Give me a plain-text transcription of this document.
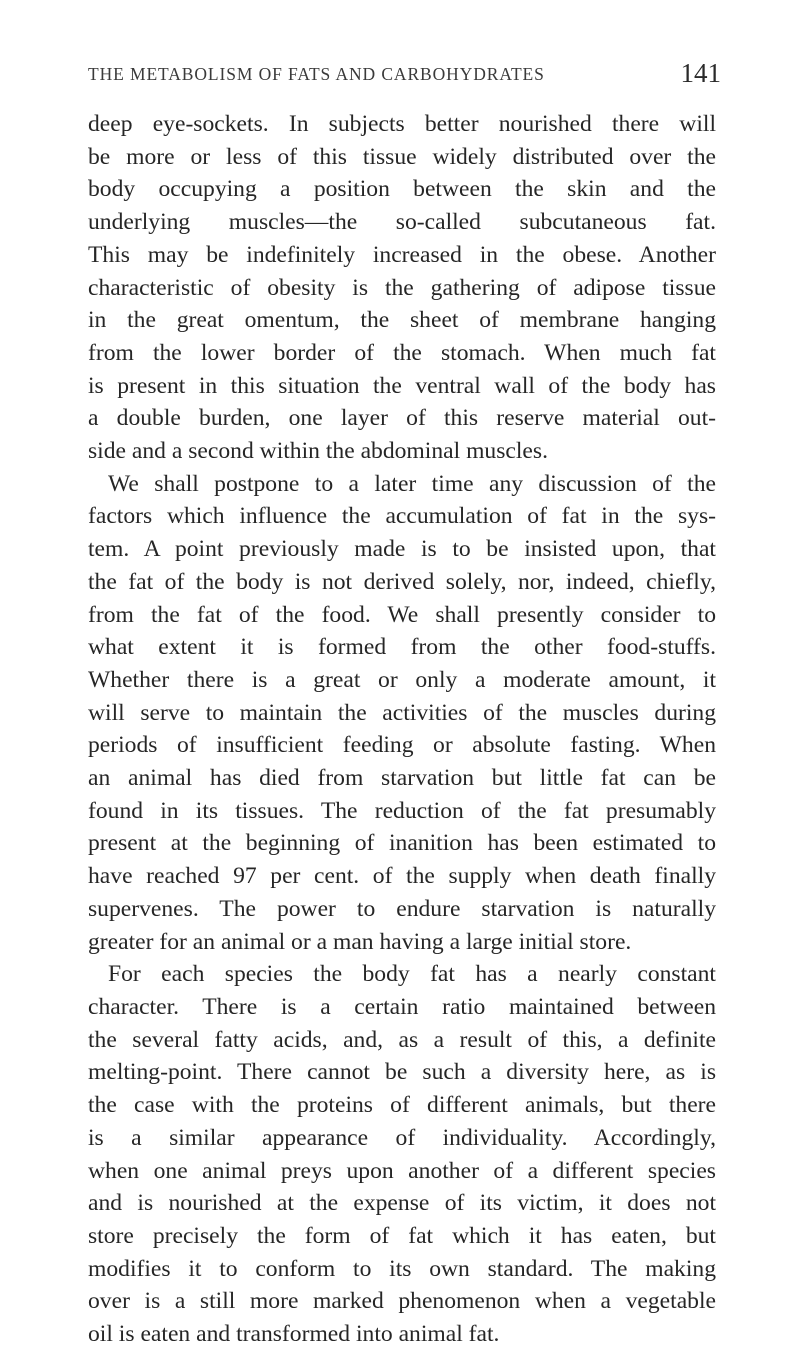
THE METABOLISM OF FATS AND CARBOHYDRATES	141
deep eye-sockets. In subjects better nourished there will
be more or less of this tissue widely distributed over the
body occupying a position between the skin and the
underlying muscles—the so-called subcutaneous fat.
This may be indefinitely increased in the obese. Another
characteristic of obesity is the gathering of adipose tissue
in the great omentum, the sheet of membrane hanging
from the lower border of the stomach. When much fat
is present in this situation the ventral wall of the body has
a double burden, one layer of this reserve material out-
side and a second within the abdominal muscles.
We shall postpone to a later time any discussion of the
factors which influence the accumulation of fat in the sys-
tem. A point previously made is to be insisted upon, that
the fat of the body is not derived solely, nor, indeed, chiefly,
from the fat of the food. We shall presently consider to
what extent it is formed from the other food-stuffs.
Whether there is a great or only a moderate amount, it
will serve to maintain the activities of the muscles during
periods of insufficient feeding or absolute fasting. When
an animal has died from starvation but little fat can be
found in its tissues. The reduction of the fat presumably
present at the beginning of inanition has been estimated to
have reached 97 per cent. of the supply when death finally
supervenes. The power to endure starvation is naturally
greater for an animal or a man having a large initial store.
For each species the body fat has a nearly constant
character. There is a certain ratio maintained between
the several fatty acids, and, as a result of this, a definite
melting-point. There cannot be such a diversity here, as is
the case with the proteins of different animals, but there
is a similar appearance of individuality. Accordingly,
when one animal preys upon another of a different species
and is nourished at the expense of its victim, it does not
store precisely the form of fat which it has eaten, but
modifies it to conform to its own standard. The making
over is a still more marked phenomenon when a vegetable
oil is eaten and transformed into animal fat.
